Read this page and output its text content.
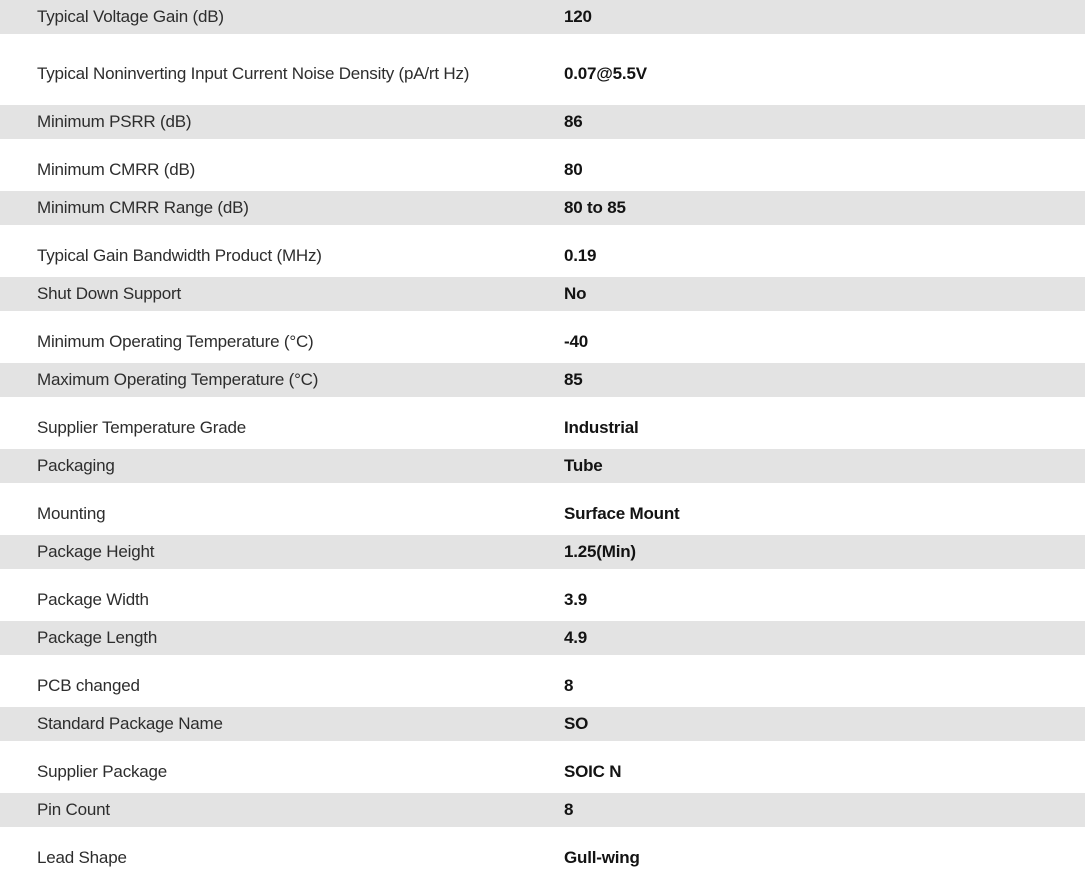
Typical Voltage Gain (dB)	120
Typical Noninverting Input Current Noise Density (pA/rt Hz)	0.07@5.5V
Minimum PSRR (dB)	86
Minimum CMRR (dB)	80
Minimum CMRR Range (dB)	80 to 85
Typical Gain Bandwidth Product (MHz)	0.19
Shut Down Support	No
Minimum Operating Temperature (°C)	-40
Maximum Operating Temperature (°C)	85
Supplier Temperature Grade	Industrial
Packaging	Tube
Mounting	Surface Mount
Package Height	1.25(Min)
Package Width	3.9
Package Length	4.9
PCB changed	8
Standard Package Name	SO
Supplier Package	SOIC N
Pin Count	8
Lead Shape	Gull-wing
